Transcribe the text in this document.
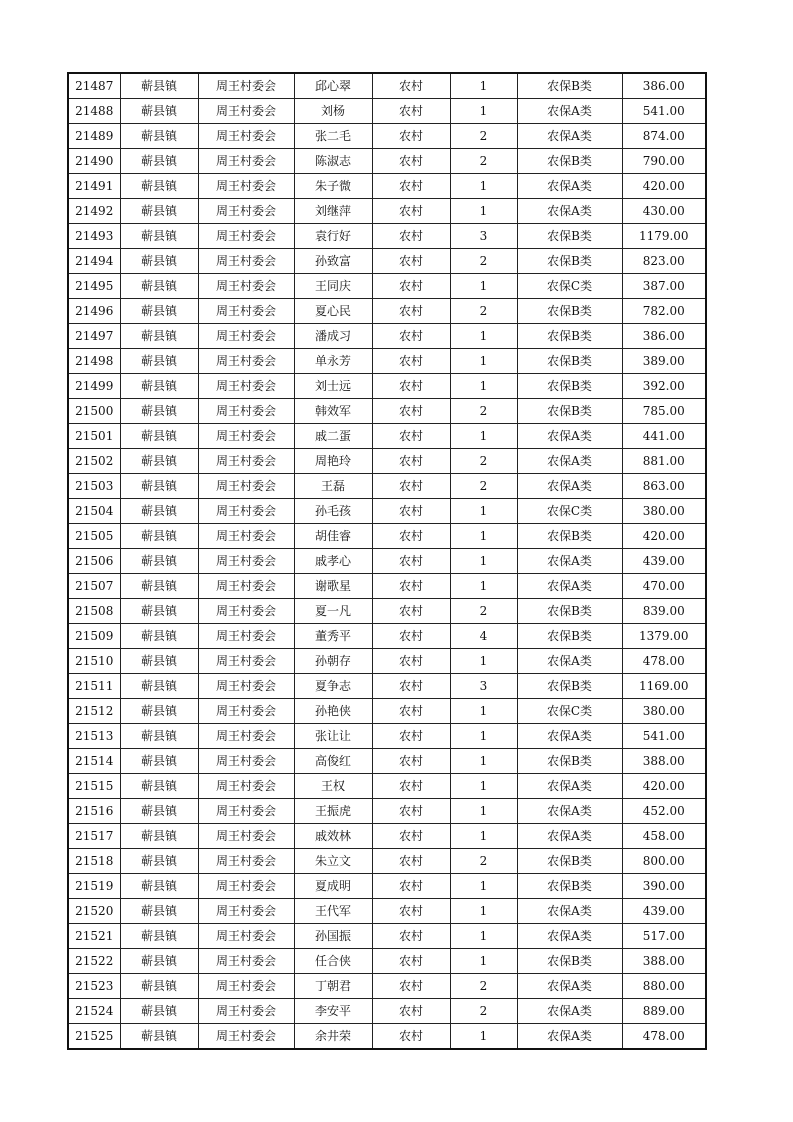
21487	蕲县镇	周王村委会	邱心翠	农村	1	农保B类	386.00
21488	蕲县镇	周王村委会	刘杨	农村	1	农保A类	541.00
21489	蕲县镇	周王村委会	张二毛	农村	2	农保A类	874.00
21490	蕲县镇	周王村委会	陈淑志	农村	2	农保B类	790.00
21491	蕲县镇	周王村委会	朱子微	农村	1	农保A类	420.00
21492	蕲县镇	周王村委会	刘继萍	农村	1	农保A类	430.00
21493	蕲县镇	周王村委会	袁行好	农村	3	农保B类	1179.00
21494	蕲县镇	周王村委会	孙致富	农村	2	农保B类	823.00
21495	蕲县镇	周王村委会	王同庆	农村	1	农保C类	387.00
21496	蕲县镇	周王村委会	夏心民	农村	2	农保B类	782.00
21497	蕲县镇	周王村委会	潘成习	农村	1	农保B类	386.00
21498	蕲县镇	周王村委会	单永芳	农村	1	农保B类	389.00
21499	蕲县镇	周王村委会	刘士远	农村	1	农保B类	392.00
21500	蕲县镇	周王村委会	韩效军	农村	2	农保B类	785.00
21501	蕲县镇	周王村委会	戚二蛋	农村	1	农保A类	441.00
21502	蕲县镇	周王村委会	周艳玲	农村	2	农保A类	881.00
21503	蕲县镇	周王村委会	王磊	农村	2	农保A类	863.00
21504	蕲县镇	周王村委会	孙毛孩	农村	1	农保C类	380.00
21505	蕲县镇	周王村委会	胡佳睿	农村	1	农保B类	420.00
21506	蕲县镇	周王村委会	戚孝心	农村	1	农保A类	439.00
21507	蕲县镇	周王村委会	谢歌星	农村	1	农保A类	470.00
21508	蕲县镇	周王村委会	夏一凡	农村	2	农保B类	839.00
21509	蕲县镇	周王村委会	董秀平	农村	4	农保B类	1379.00
21510	蕲县镇	周王村委会	孙朝存	农村	1	农保A类	478.00
21511	蕲县镇	周王村委会	夏争志	农村	3	农保B类	1169.00
21512	蕲县镇	周王村委会	孙艳侠	农村	1	农保C类	380.00
21513	蕲县镇	周王村委会	张让让	农村	1	农保A类	541.00
21514	蕲县镇	周王村委会	高俊红	农村	1	农保B类	388.00
21515	蕲县镇	周王村委会	王权	农村	1	农保A类	420.00
21516	蕲县镇	周王村委会	王振虎	农村	1	农保A类	452.00
21517	蕲县镇	周王村委会	戚效林	农村	1	农保A类	458.00
21518	蕲县镇	周王村委会	朱立文	农村	2	农保B类	800.00
21519	蕲县镇	周王村委会	夏成明	农村	1	农保B类	390.00
21520	蕲县镇	周王村委会	王代军	农村	1	农保A类	439.00
21521	蕲县镇	周王村委会	孙国振	农村	1	农保A类	517.00
21522	蕲县镇	周王村委会	任合侠	农村	1	农保B类	388.00
21523	蕲县镇	周王村委会	丁朝君	农村	2	农保A类	880.00
21524	蕲县镇	周王村委会	李安平	农村	2	农保A类	889.00
21525	蕲县镇	周王村委会	余井荣	农村	1	农保A类	478.00
